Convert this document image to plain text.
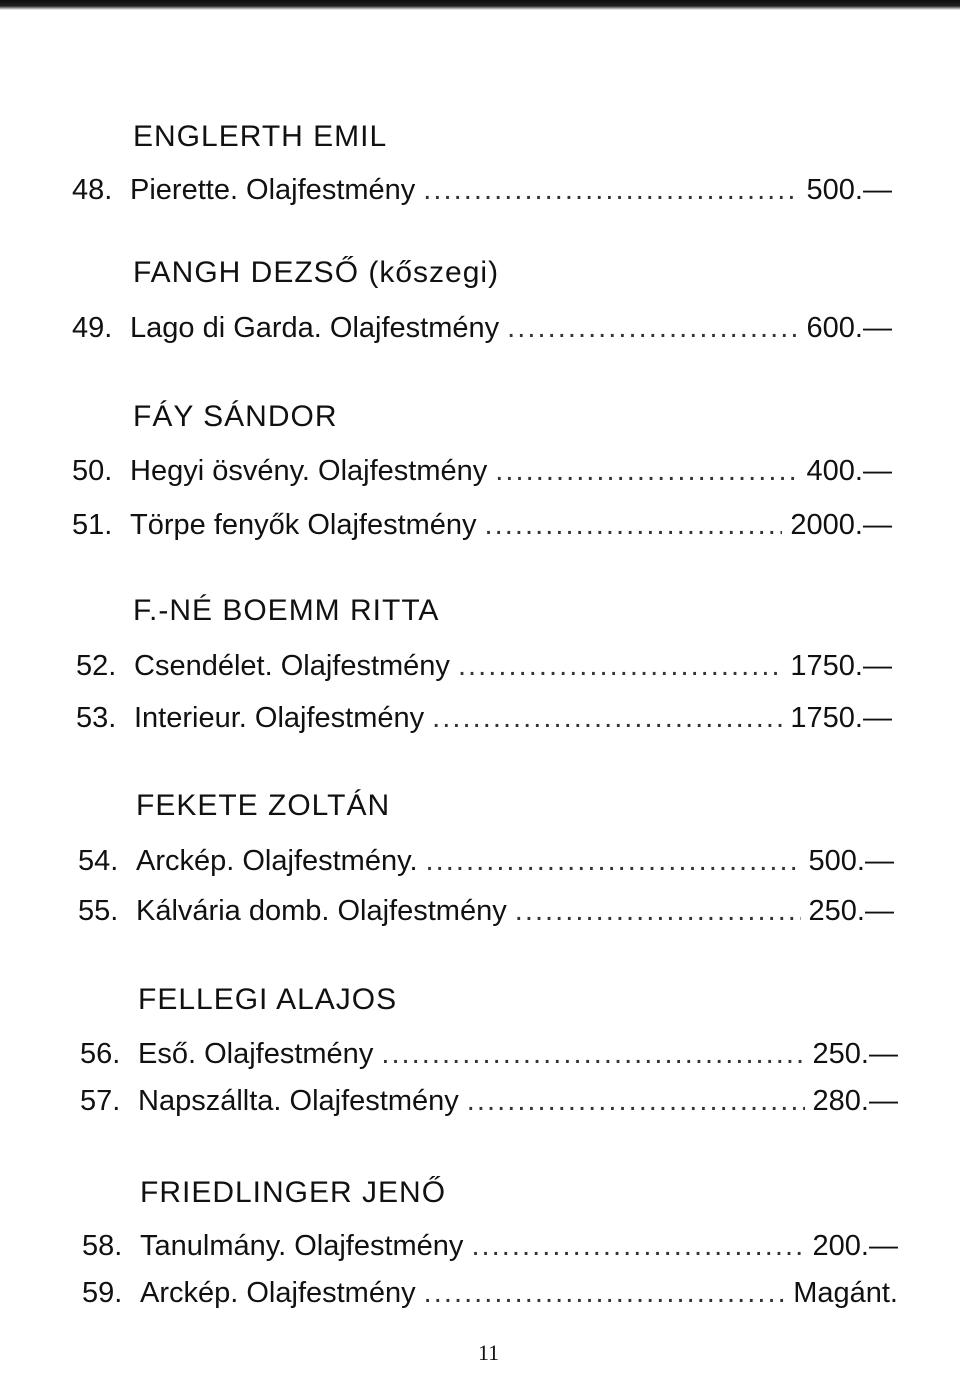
ENGLERTH EMIL
48. Pierette. Olajfestmény . . .	500.—
FANGH DEZSŐ (kőszegi)
49. Lago di Garda. Olajfestmény . . .	600.—
FÁY SÁNDOR
50. Hegyi ösvény. Olajfestmény . . .	400.—
51. Törpe fenyők Olajfestmény . . .	2000.—
F.-NÉ BOEMM RITTA
52. Csendélet. Olajfestmény . . .	1750.—
53. Interieur. Olajfestmény . . .	1750.—
FEKETE ZOLTÁN
54. Arckép. Olajfestmény. . . .	500.—
55. Kálvária domb. Olajfestmény . . .	250.—
FELLEGI ALAJOS
56. Eső. Olajfestmény . . .	250.—
57. Napszállta. Olajfestmény . . .	280.—
FRIEDLINGER JENŐ
58. Tanulmány. Olajfestmény . . .	200.—
59. Arckép. Olajfestmény . . .	Magánt.
11
